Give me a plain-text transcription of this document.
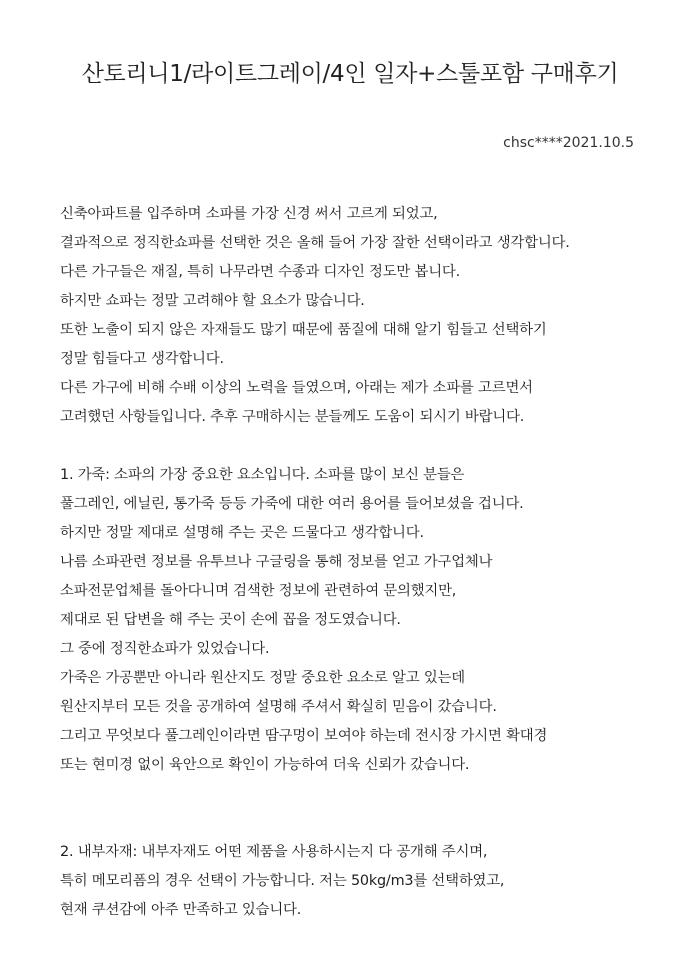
산토리니1/라이트그레이/4인 일자+스툴포함 구매후기
chsc****2021.10.5
신축아파트를 입주하며 소파를 가장 신경 써서 고르게 되었고,
결과적으로 정직한쇼파를 선택한 것은 올해 들어 가장 잘한 선택이라고 생각합니다.
다른 가구들은 재질, 특히 나무라면 수종과 디자인 정도만 봅니다.
하지만 쇼파는 정말 고려해야 할 요소가 많습니다.
또한 노출이 되지 않은 자재들도 많기 때문에 품질에 대해 알기 힘들고 선택하기
정말 힘들다고 생각합니다.
다른 가구에 비해 수배 이상의 노력을 들였으며, 아래는 제가 소파를 고르면서
고려했던 사항들입니다. 추후 구매하시는 분들께도 도움이 되시기 바랍니다.
1. 가죽: 소파의 가장 중요한 요소입니다. 소파를 많이 보신 분들은
풀그레인, 에닐린, 통가죽 등등 가죽에 대한 여러 용어를 들어보셨을 겁니다.
하지만 정말 제대로 설명해 주는 곳은 드물다고 생각합니다.
나름 소파관련 정보를 유투브나 구글링을 통해 정보를 얻고 가구업체나
소파전문업체를 돌아다니며 검색한 정보에 관련하여 문의했지만,
제대로 된 답변을 해 주는 곳이 손에 꼽을 정도였습니다.
그 중에 정직한쇼파가 있었습니다.
가죽은 가공뿐만 아니라 원산지도 정말 중요한 요소로 알고 있는데
원산지부터 모든 것을 공개하여 설명해 주셔서 확실히 믿음이 갔습니다.
그리고 무엇보다 풀그레인이라면 땀구멍이 보여야 하는데 전시장 가시면 확대경
또는 현미경 없이 육안으로 확인이 가능하여 더욱 신뢰가 갔습니다.
2. 내부자재: 내부자재도 어떤 제품을 사용하시는지 다 공개해 주시며,
특히 메모리폼의 경우 선택이 가능합니다. 저는 50kg/m3를 선택하였고,
현재 쿠션감에 아주 만족하고 있습니다.
